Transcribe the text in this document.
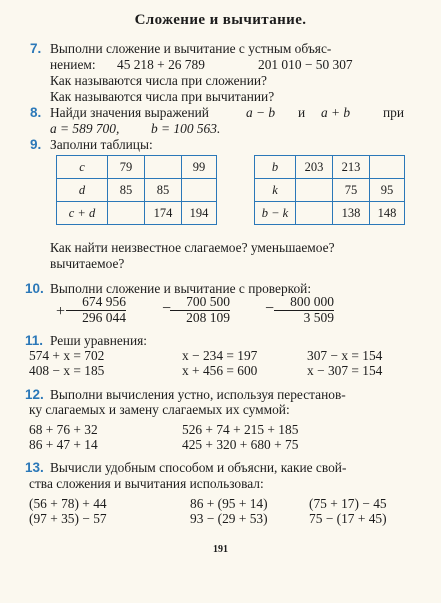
Сложение и вычитание.
7. Выполни сложение и вычитание с устным объяс-
нением: 45 218 + 26 789	201 010 − 50 307
Как называются числа при сложении?
Как называются числа при вычитании?
8. Найди значения выражений	a − b и a + b при
a = 589 700, b = 100 563.
9. Заполни таблицы:
c	79		99
d	85	85	
c + d		174	194
b	203	213	
k		75	95
b − k		138	148
Как найти неизвестное слагаемое? уменьшаемое?
вычитаемое?
10. Выполни сложение и вычитание с проверкой:
+
674 956
296 044
−	700 500
208 109
−	800 000
3 509
11. Реши уравнения:
574 + x = 702	x − 234 = 197	307 − x = 154
408 − x = 185	x + 456 = 600	x − 307 = 154
12. Выполни вычисления устно, используя перестанов-
ку слагаемых и замену слагаемых их суммой:
68 + 76 + 32	526 + 74 + 215 + 185
86 + 47 + 14	425 + 320 + 680 + 75
13. Вычисли удобным способом и объясни, какие свой-
ства сложения и вычитания использовал:
(56 + 78) + 44	86 + (95 + 14)	(75 + 17) − 45
(97 + 35) − 57	93 − (29 + 53)	75 − (17 + 45)
191
